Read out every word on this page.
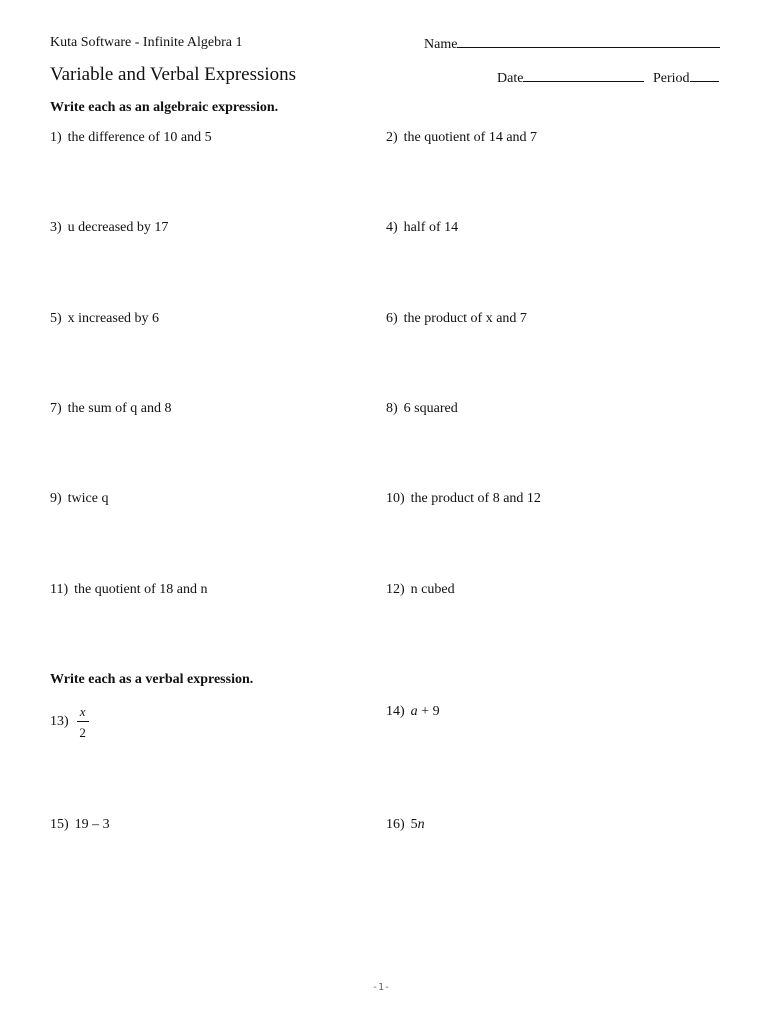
Kuta Software - Infinite Algebra 1	Name
Variable and Verbal Expressions	Date	Period
Write each as an algebraic expression.
1) the difference of 10 and 5	2) the quotient of 14 and 7
3) u decreased by 17	4) half of 14
5) x increased by 6	6) the product of x and 7
7) the sum of q and 8	8) 6 squared
9) twice q	10) the product of 8 and 12
11) the quotient of 18 and n	12) n cubed
Write each as a verbal expression.
$13) \frac{x}{2}$	14) a + 9
15) 19 – 3	16) 5n
-1-
